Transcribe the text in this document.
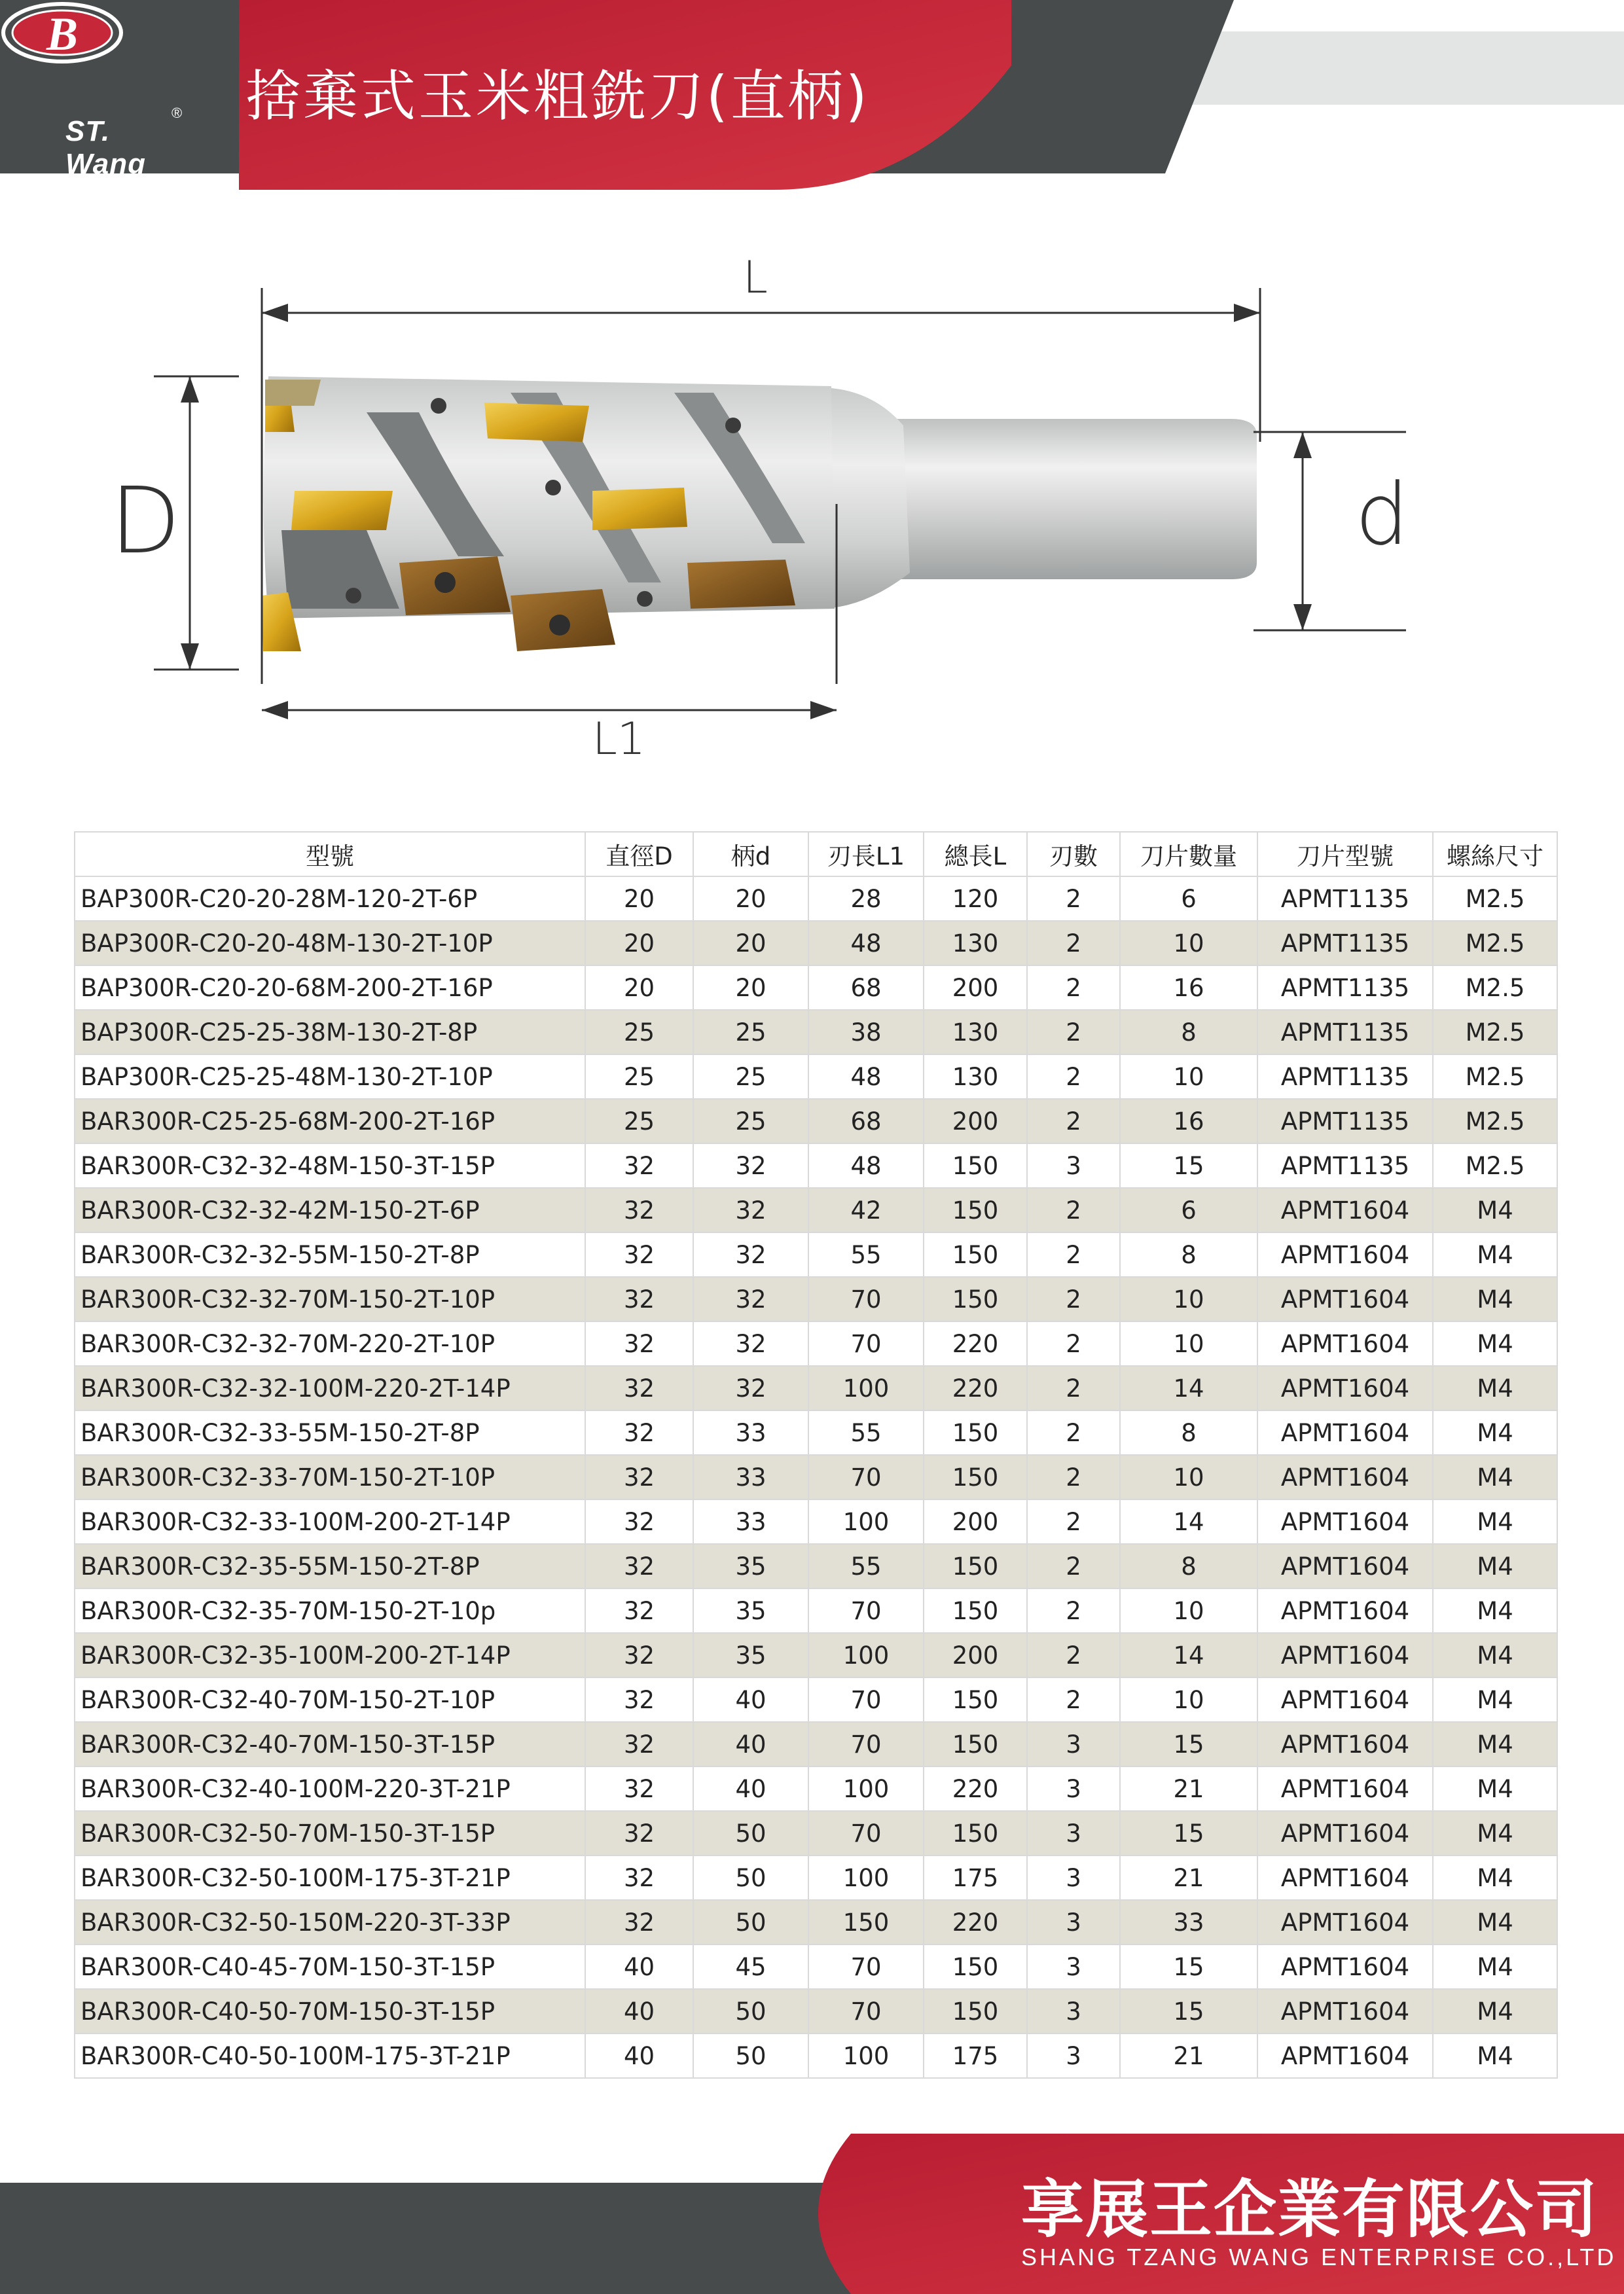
B
ST. Wang
® 捨棄式玉米粗銑刀(直柄)
L
L1
D	d
型號	直徑D	柄d	刃長L1	總長L	刃數	刀片數量	刀片型號	螺絲尺寸
BAP300R-C20-20-28M-120-2T-6P	20	20	28	120	2	6	APMT1135	M2.5
BAP300R-C20-20-48M-130-2T-10P	20	20	48	130	2	10	APMT1135	M2.5
BAP300R-C20-20-68M-200-2T-16P	20	20	68	200	2	16	APMT1135	M2.5
BAP300R-C25-25-38M-130-2T-8P	25	25	38	130	2	8	APMT1135	M2.5
BAP300R-C25-25-48M-130-2T-10P	25	25	48	130	2	10	APMT1135	M2.5
BAR300R-C25-25-68M-200-2T-16P	25	25	68	200	2	16	APMT1135	M2.5
BAR300R-C32-32-48M-150-3T-15P	32	32	48	150	3	15	APMT1135	M2.5
BAR300R-C32-32-42M-150-2T-6P	32	32	42	150	2	6	APMT1604	M4
BAR300R-C32-32-55M-150-2T-8P	32	32	55	150	2	8	APMT1604	M4
BAR300R-C32-32-70M-150-2T-10P	32	32	70	150	2	10	APMT1604	M4
BAR300R-C32-32-70M-220-2T-10P	32	32	70	220	2	10	APMT1604	M4
BAR300R-C32-32-100M-220-2T-14P	32	32	100	220	2	14	APMT1604	M4
BAR300R-C32-33-55M-150-2T-8P	32	33	55	150	2	8	APMT1604	M4
BAR300R-C32-33-70M-150-2T-10P	32	33	70	150	2	10	APMT1604	M4
BAR300R-C32-33-100M-200-2T-14P	32	33	100	200	2	14	APMT1604	M4
BAR300R-C32-35-55M-150-2T-8P	32	35	55	150	2	8	APMT1604	M4
BAR300R-C32-35-70M-150-2T-10p	32	35	70	150	2	10	APMT1604	M4
BAR300R-C32-35-100M-200-2T-14P	32	35	100	200	2	14	APMT1604	M4
BAR300R-C32-40-70M-150-2T-10P	32	40	70	150	2	10	APMT1604	M4
BAR300R-C32-40-70M-150-3T-15P	32	40	70	150	3	15	APMT1604	M4
BAR300R-C32-40-100M-220-3T-21P	32	40	100	220	3	21	APMT1604	M4
BAR300R-C32-50-70M-150-3T-15P	32	50	70	150	3	15	APMT1604	M4
BAR300R-C32-50-100M-175-3T-21P	32	50	100	175	3	21	APMT1604	M4
BAR300R-C32-50-150M-220-3T-33P	32	50	150	220	3	33	APMT1604	M4
BAR300R-C40-45-70M-150-3T-15P	40	45	70	150	3	15	APMT1604	M4
BAR300R-C40-50-70M-150-3T-15P	40	50	70	150	3	15	APMT1604	M4
BAR300R-C40-50-100M-175-3T-21P	40	50	100	175	3	21	APMT1604	M4
享展王企業有限公司
SHANG TZANG WANG ENTERPRISE CO.,LTD
